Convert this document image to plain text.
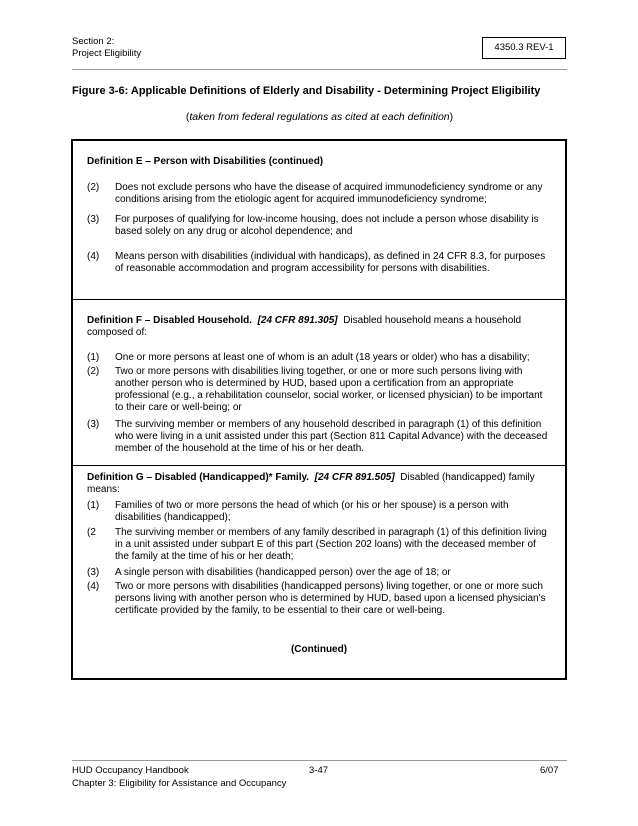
Section 2:
Project Eligibility
4350.3 REV-1
Figure 3-6: Applicable Definitions of Elderly and Disability - Determining Project Eligibility
(taken from federal regulations as cited at each definition)
Definition E – Person with Disabilities (continued)
(2)	Does not exclude persons who have the disease of acquired immunodeficiency syndrome or any
conditions arising from the etiologic agent for acquired immunodeficiency syndrome;
(3)	For purposes of qualifying for low-income housing, does not include a person whose disability is
based solely on any drug or alcohol dependence; and
(4)	Means person with disabilities (individual with handicaps), as defined in 24 CFR 8.3, for purposes
of reasonable accommodation and program accessibility for persons with disabilities.
Definition F – Disabled Household. [24 CFR 891.305] Disabled household means a household
composed of:
(1)	One or more persons at least one of whom is an adult (18 years or older) who has a disability;
(2)	Two or more persons with disabilities living together, or one or more such persons living with
another person who is determined by HUD, based upon a certification from an appropriate
professional (e.g., a rehabilitation counselor, social worker, or licensed physician) to be important
to their care or well-being; or
(3)	The surviving member or members of any household described in paragraph (1) of this definition
who were living in a unit assisted under this part (Section 811 Capital Advance) with the deceased
member of the household at the time of his or her death.
Definition G – Disabled (Handicapped)* Family. [24 CFR 891.505] Disabled (handicapped) family
means:
(1)	Families of two or more persons the head of which (or his or her spouse) is a person with
disabilities (handicapped);
(2	The surviving member or members of any family described in paragraph (1) of this definition living
in a unit assisted under subpart E of this part (Section 202 loans) with the deceased member of
the family at the time of his or her death;
(3)	A single person with disabilities (handicapped person) over the age of 18; or
(4)	Two or more persons with disabilities (handicapped persons) living together, or one or more such
persons living with another person who is determined by HUD, based upon a licensed physician's
certificate provided by the family, to be essential to their care or well-being.
(Continued)
HUD Occupancy Handbook
Chapter 3: Eligibility for Assistance and Occupancy
3-47	6/07
